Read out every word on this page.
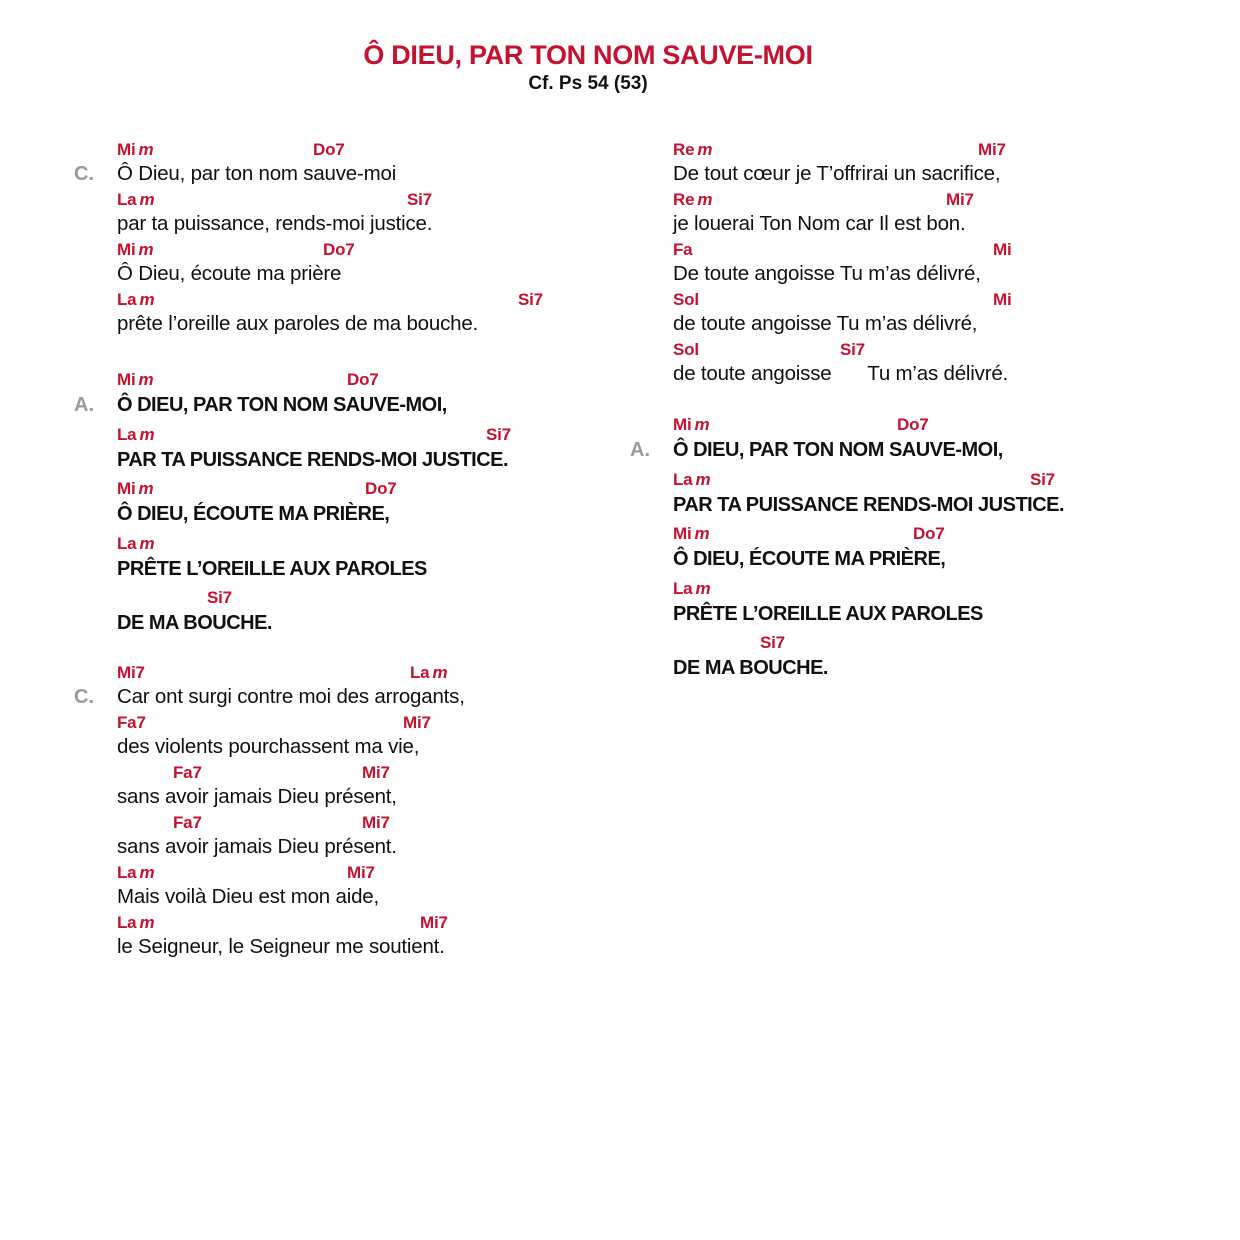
Ô DIEU, PAR TON NOM SAUVE-MOI
Cf. Ps 54 (53)
C.
Mi m	Do7
Ô Dieu, par ton nom sauve-moi
La m	Si7
par ta puissance, rends-moi justice.
Mi m	Do7
Ô Dieu, écoute ma prière
La m	Si7
prête l’oreille aux paroles de ma bouche.
A.
Mi m	Do7
Ô DIEU, PAR TON NOM SAUVE-MOI,
La m	Si7
PAR TA PUISSANCE RENDS-MOI JUSTICE.
Mi m	Do7
Ô DIEU, ÉCOUTE MA PRIÈRE,
La m
PRÊTE L’OREILLE AUX PAROLES
Si7
DE MA BOUCHE.
C.
Mi7	La m
Car ont surgi contre moi des arrogants,
Fa7	Mi7
des violents pourchassent ma vie,
Fa7	Mi7
sans avoir jamais Dieu présent,
Fa7	Mi7
sans avoir jamais Dieu présent.
La m	Mi7
Mais voilà Dieu est mon aide,
La m	Mi7
le Seigneur, le Seigneur me soutient.
Re m	Mi7
De tout cœur je T’offrirai un sacrifice,
Re m	Mi7
je louerai Ton Nom car Il est bon.
Fa	Mi
De toute angoisse Tu m’as délivré,
Sol	Mi
de toute angoisse Tu m’as délivré,
Sol	Si7
de toute angoisse   Tu m’as délivré.
A.
Mi m	Do7
Ô DIEU, PAR TON NOM SAUVE-MOI,
La m	Si7
PAR TA PUISSANCE RENDS-MOI JUSTICE.
Mi m	Do7
Ô DIEU, ÉCOUTE MA PRIÈRE,
La m
PRÊTE L’OREILLE AUX PAROLES
Si7
DE MA BOUCHE.
